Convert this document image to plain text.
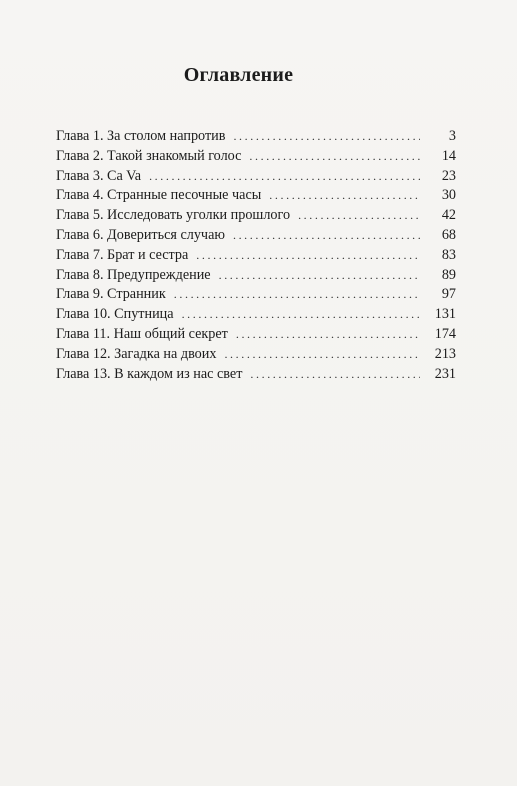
Оглавление
Глава 1. За столом напротив .....	3
Глава 2. Такой знакомый голос .....	14
Глава 3. Ca Va .....	23
Глава 4. Странные песочные часы .....	30
Глава 5. Исследовать уголки прошлого .....	42
Глава 6. Довериться случаю .....	68
Глава 7. Брат и сестра .....	83
Глава 8. Предупреждение .....	89
Глава 9. Странник .....	97
Глава 10. Спутница .....	131
Глава 11. Наш общий секрет .....	174
Глава 12. Загадка на двоих .....	213
Глава 13. В каждом из нас свет .....	231
